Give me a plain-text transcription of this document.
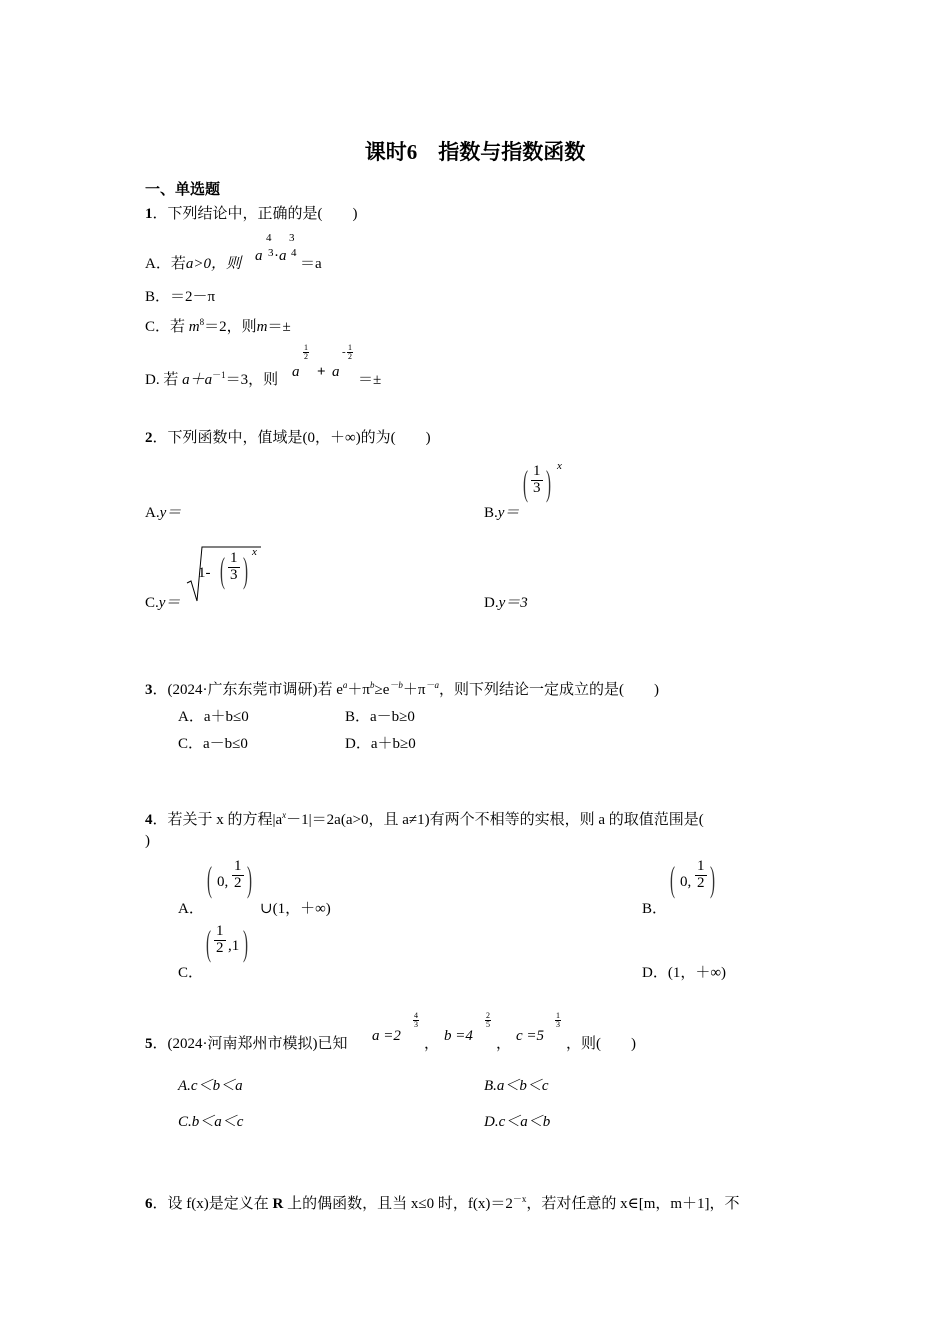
课时6　指数与指数函数
一、单选题
1．下列结论中，正确的是(　　)
A．若a>0，则 a
4
3 · a
3
4
＝a
B．＝2－π
C．若 $m^8=2$，则m＝±
D. 若 $a+a^{-1}=3$，则 a
1
2
+ a
- 1
2
＝±
2．下列函数中，值域是(0，＋∞)的为(　　)
A.y＝	B.y＝
( $\frac{1}{3}$ )
x
C.y＝
1- ( $\frac{1}{3}$ )
x
D.y＝3
3．(2024·广东东莞市调研)若 $e^a+\pi^b\ge e^{-b}+\pi^{-a}$，则下列结论一定成立的是(　　)
A．a＋b≤0	B．a－b≥0
C．a－b≤0	D．a＋b≥0
4．若关于 x 的方程$|a^x-1|=2a(a>0$，且 a≠1)有两个不相等的实根，则 a 的取值范围是(
)
A．
( 0, $\frac{1}{2}$ )
∪(1，＋∞)	B．
( 0, $\frac{1}{2}$ )
C．
( $\frac{1}{2} ,1$ )
D．(1，＋∞)
5．(2024·河南郑州市模拟)已知 a =2
4
3
， b =4
2
5
， c =5
1
3
，则(　　)
A.c＜b＜a	B.a＜b＜c
C.b＜a＜c	D.c＜a＜b
6．设 f(x)是定义在 R 上的偶函数，且当 x≤0 时，$f(x)=2^{-x}$，若对任意的 x∈[m，m＋1]，不
